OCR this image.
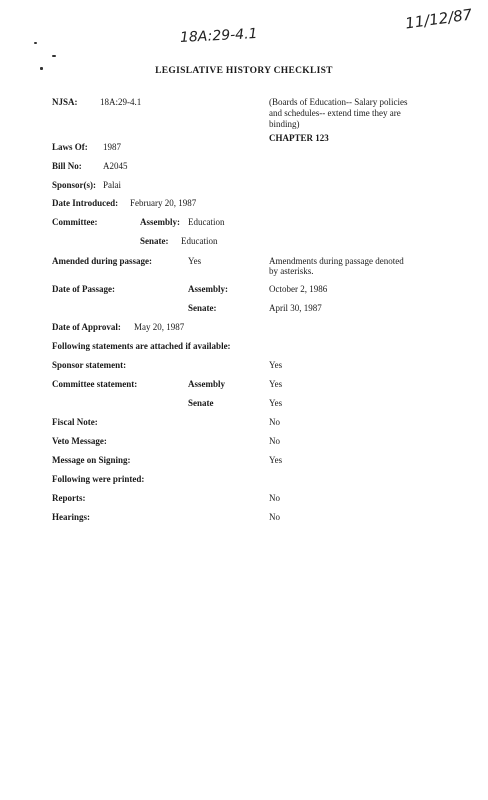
11/12/87
18A:29-4.1
LEGISLATIVE HISTORY CHECKLIST
NJSA: 18A:29-4.1	(Boards of Education-- Salary policies
and schedules-- extend time they are
binding)
CHAPTER 123
Laws Of: 1987
Bill No: A2045
Sponsor(s): Palai
Date Introduced: February 20, 1987
Committee:	Assembly: Education
Senate: Education
Amended during passage:	Yes	Amendments during passage denoted
by asterisks.
Date of Passage:	Assembly:	October 2, 1986
Senate:	April 30, 1987
Date of Approval: May 20, 1987
Following statements are attached if available:
Sponsor statement:	Yes
Committee statement:	Assembly	Yes
Senate	Yes
Fiscal Note:	No
Veto Message:	No
Message on Signing:	Yes
Following were printed:
Reports:	No
Hearings:	No
